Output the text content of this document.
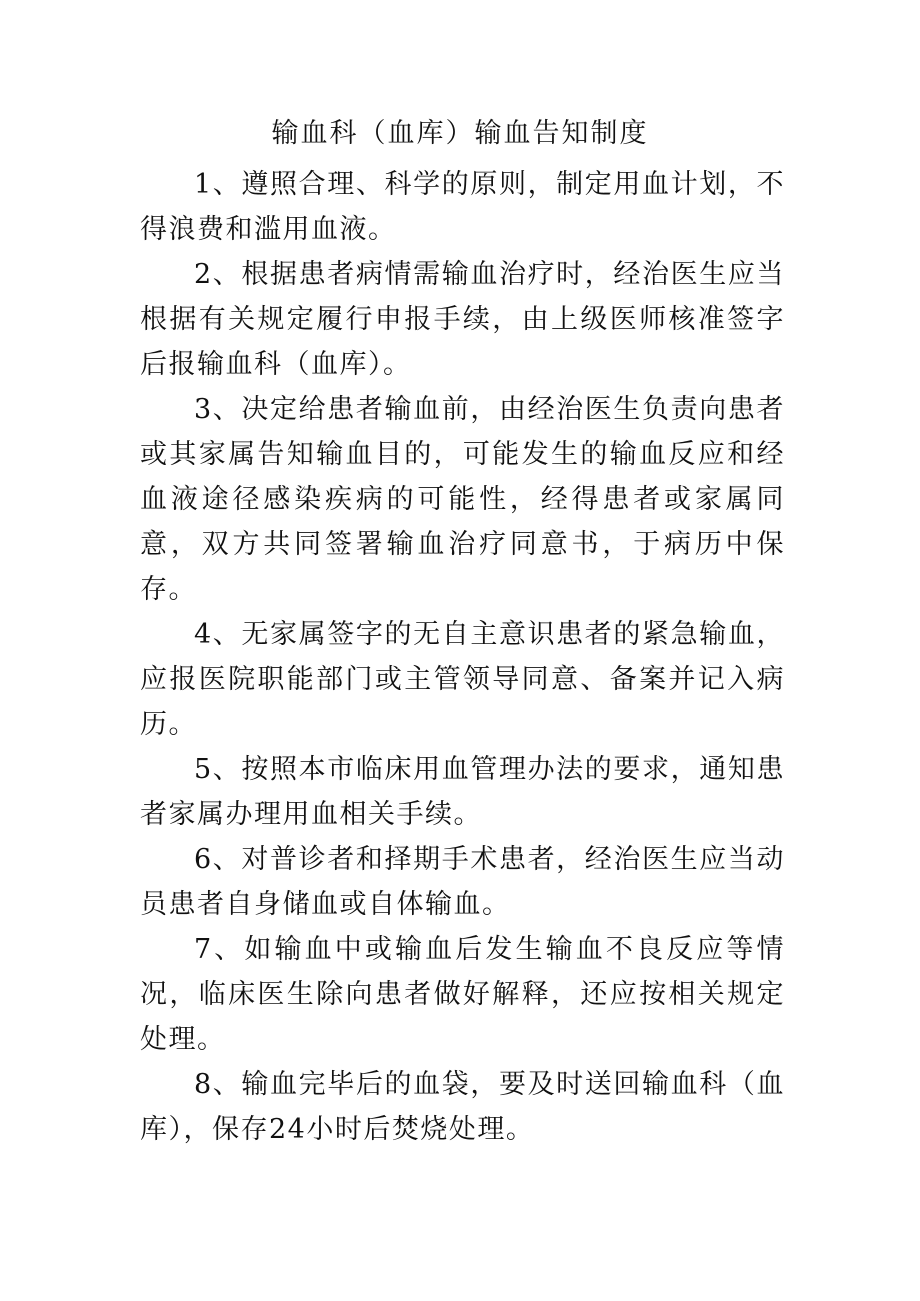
输血科（血库）输血告知制度

1、遵照合理、科学的原则，制定用血计划，不得浪费和滥用血液。

2、根据患者病情需输血治疗时，经治医生应当根据有关规定履行申报手续，由上级医师核准签字后报输血科（血库）。

3、决定给患者输血前，由经治医生负责向患者或其家属告知输血目的，可能发生的输血反应和经血液途径感染疾病的可能性，经得患者或家属同意，双方共同签署输血治疗同意书，于病历中保存。

4、无家属签字的无自主意识患者的紧急输血，应报医院职能部门或主管领导同意、备案并记入病历。

5、按照本市临床用血管理办法的要求，通知患者家属办理用血相关手续。

6、对普诊者和择期手术患者，经治医生应当动员患者自身储血或自体输血。

7、如输血中或输血后发生输血不良反应等情况，临床医生除向患者做好解释，还应按相关规定处理。

8、输血完毕后的血袋，要及时送回输血科（血库），保存24小时后焚烧处理。
